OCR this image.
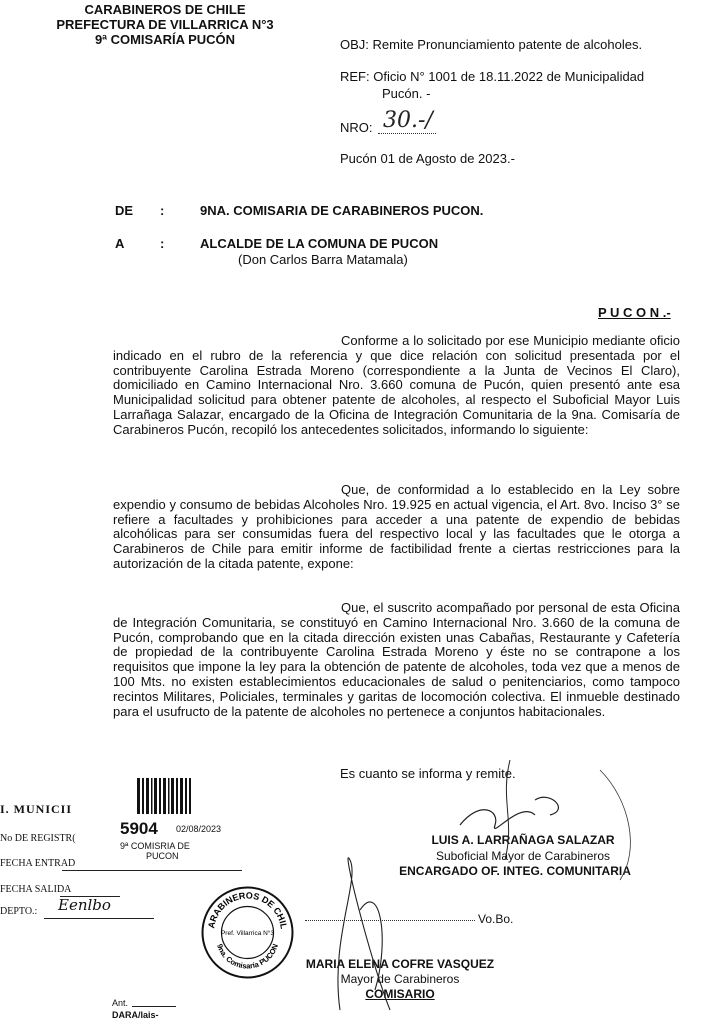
CARABINEROS DE CHILE
PREFECTURA DE VILLARRICA N°3
9ª COMISARÍA PUCÓN	OBJ: Remite Pronunciamiento patente de alcoholes.
REF: Oficio N° 1001 de 18.11.2022 de Municipalidad
Pucón. -
NRO: 30.-/
Pucón 01 de Agosto de 2023.-
DE :	9NA. COMISARIA DE CARABINEROS PUCON.
A	:	ALCALDE DE LA COMUNA DE PUCON
(Don Carlos Barra Matamala)
P U C O N .-
Conforme a lo solicitado por ese Municipio mediante oficio indicado en el rubro de la referencia y que dice relación con solicitud presentada por el contribuyente Carolina Estrada Moreno (correspondiente a la Junta de Vecinos El Claro), domiciliado en Camino Internacional Nro. 3.660 comuna de Pucón, quien presentó ante esa Municipalidad solicitud para obtener patente de alcoholes, al respecto el Suboficial Mayor Luis Larrañaga Salazar, encargado de la Oficina de Integración Comunitaria de la 9na. Comisaría de Carabineros Pucón, recopiló los antecedentes solicitados, informando lo siguiente:
Que, de conformidad a lo establecido en la Ley sobre expendio y consumo de bebidas Alcoholes Nro. 19.925 en actual vigencia, el Art. 8vo. Inciso 3° se refiere a facultades y prohibiciones para acceder a una patente de expendio de bebidas alcohólicas para ser consumidas fuera del respectivo local y las facultades que le otorga a Carabineros de Chile para emitir informe de factibilidad frente a ciertas restricciones para la autorización de la citada patente, expone:
Que, el suscrito acompañado por personal de esta Oficina de Integración Comunitaria, se constituyó en Camino Internacional Nro. 3.660 de la comuna de Pucón, comprobando que en la citada dirección existen unas Cabañas, Restaurante y Cafetería de propiedad de la contribuyente Carolina Estrada Moreno y éste no se contrapone a los requisitos que impone la ley para la obtención de patente de alcoholes, toda vez que a menos de 100 Mts. no existen establecimientos educacionales de salud o penitenciarios, como tampoco recintos Militares, Policiales, terminales y garitas de locomoción colectiva. El inmueble destinado para el usufructo de la patente de alcoholes no pertenece a conjuntos habitacionales.
Es cuanto se informa y remite.
LUIS A. LARRAÑAGA SALAZAR
Suboficial Mayor de Carabineros
ENCARGADO OF. INTEG. COMUNITARIA
Vo.Bo.
MARIA ELENA COFRE VASQUEZ
Mayor de Carabineros
COMISARIO
I. MUNICII
No DE REGISTR(
FECHA ENTRAD
FECHA SALIDA
DEPTO.: Eenlbo
5904 02/08/2023
9ª COMISRIA DE
PUCON
ARABINEROS DE CHIL
9na. Comisaría PUCON
Pref. Villarrica N°3
Ant.
DARA/lais-
